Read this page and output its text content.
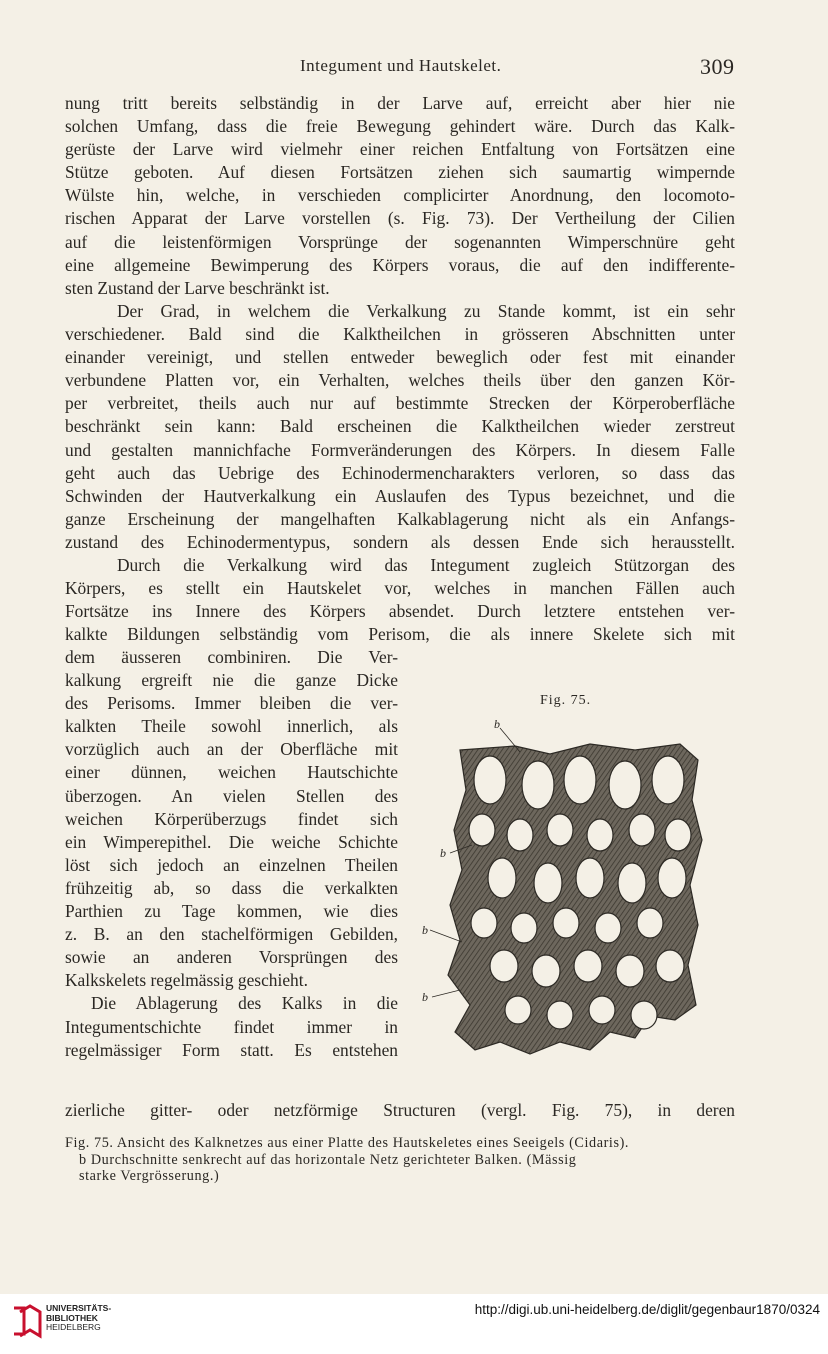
Integument und Hautskelet.	309
nung tritt bereits selbständig in der Larve auf, erreicht aber hier nie
solchen Umfang, dass die freie Bewegung gehindert wäre. Durch das Kalk-
gerüste der Larve wird vielmehr einer reichen Entfaltung von Fortsätzen eine
Stütze geboten. Auf diesen Fortsätzen ziehen sich saumartig wimpernde
Wülste hin, welche, in verschieden complicirter Anordnung, den locomoto-
rischen Apparat der Larve vorstellen (s. Fig. 73). Der Vertheilung der Cilien
auf die leistenförmigen Vorsprünge der sogenannten Wimperschnüre geht
eine allgemeine Bewimperung des Körpers voraus, die auf den indifferente-
sten Zustand der Larve beschränkt ist.
Der Grad, in welchem die Verkalkung zu Stande kommt, ist ein sehr
verschiedener. Bald sind die Kalktheilchen in grösseren Abschnitten unter
einander vereinigt, und stellen entweder beweglich oder fest mit einander
verbundene Platten vor, ein Verhalten, welches theils über den ganzen Kör-
per verbreitet, theils auch nur auf bestimmte Strecken der Körperoberfläche
beschränkt sein kann: Bald erscheinen die Kalktheilchen wieder zerstreut
und gestalten mannichfache Formveränderungen des Körpers. In diesem Falle
geht auch das Uebrige des Echinodermencharakters verloren, so dass das
Schwinden der Hautverkalkung ein Auslaufen des Typus bezeichnet, und die
ganze Erscheinung der mangelhaften Kalkablagerung nicht als ein Anfangs-
zustand des Echinodermentypus, sondern als dessen Ende sich herausstellt.
Durch die Verkalkung wird das Integument zugleich Stützorgan des
Körpers, es stellt ein Hautskelet vor, welches in manchen Fällen auch
Fortsätze ins Innere des Körpers absendet. Durch letztere entstehen ver-
kalkte Bildungen selbständig vom Perisom, die als innere Skelete sich mit
dem äusseren combiniren. Die Ver-
kalkung ergreift nie die ganze Dicke
des Perisoms. Immer bleiben die ver-
kalkten Theile sowohl innerlich, als
vorzüglich auch an der Oberfläche mit
einer dünnen, weichen Hautschichte
überzogen. An vielen Stellen des
weichen Körperüberzugs findet sich
ein Wimperepithel. Die weiche Schichte
löst sich jedoch an einzelnen Theilen
frühzeitig ab, so dass die verkalkten
Parthien zu Tage kommen, wie dies
z. B. an den stachelförmigen Gebilden,
sowie an anderen Vorsprüngen des
Kalkskelets regelmässig geschieht.
Die Ablagerung des Kalks in die
Integumentschichte findet immer in
regelmässiger Form statt. Es entstehen
zierliche gitter- oder netzförmige Structuren (vergl. Fig. 75), in deren
Fig. 75.
b
b
b
b
Fig. 75. Ansicht des Kalknetzes aus einer Platte des Hautskeletes eines Seeigels (Cidaris).
b Durchschnitte senkrecht auf das horizontale Netz gerichteter Balken. (Mässig
starke Vergrösserung.)
UNIVERSITÄTS-
BIBLIOTHEK
HEIDELBERG
http://digi.ub.uni-heidelberg.de/diglit/gegenbaur1870/0324
